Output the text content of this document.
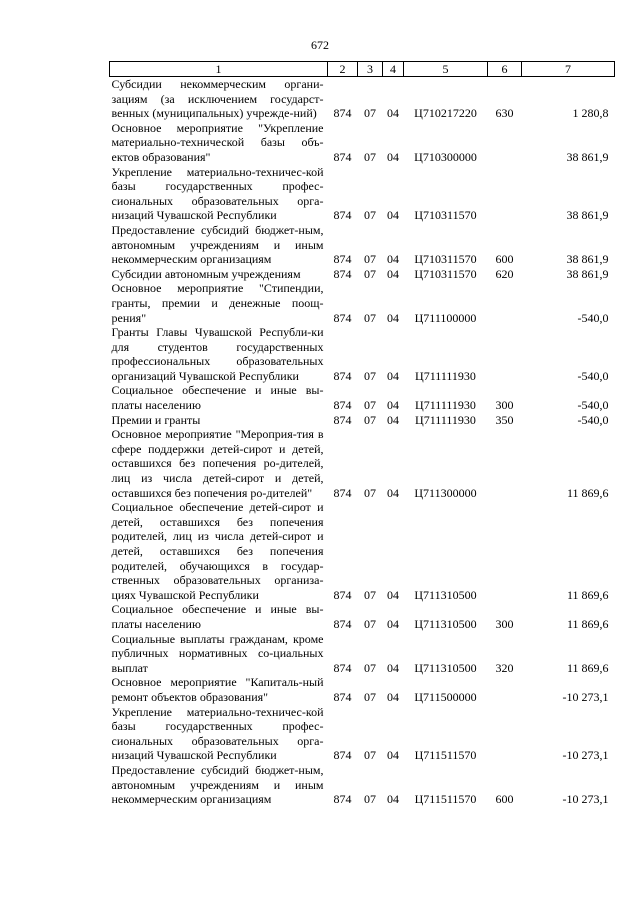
672
1	2	3	4	5	6	7
Субсидии некоммерческим органи-зациям (за исключением государст-венных (муниципальных) учрежде-ний)	874	07	04	Ц710217220	630	1 280,8
Основное мероприятие "Укрепление материально-технической базы объ-ектов образования"	874	07	04	Ц710300000		38 861,9
Укрепление материально-техничес-кой базы государственных профес-сиональных образовательных орга-низаций Чувашской Республики	874	07	04	Ц710311570		38 861,9
Предоставление субсидий бюджет-ным, автономным учреждениям и иным некоммерческим организациям	874	07	04	Ц710311570	600	38 861,9
Субсидии автономным учреждениям	874	07	04	Ц710311570	620	38 861,9
Основное мероприятие "Стипендии, гранты, премии и денежные поощ-рения"	874	07	04	Ц711100000		-540,0
Гранты Главы Чувашской Республи-ки для студентов государственных профессиональных образовательных организаций Чувашской Республики	874	07	04	Ц711111930		-540,0
Социальное обеспечение и иные вы-платы населению	874	07	04	Ц711111930	300	-540,0
Премии и гранты	874	07	04	Ц711111930	350	-540,0
Основное мероприятие "Мероприя-тия в сфере поддержки детей-сирот и детей, оставшихся без попечения ро-дителей, лиц из числа детей-сирот и детей, оставшихся без попечения ро-дителей"	874	07	04	Ц711300000		11 869,6
Социальное обеспечение детей-сирот и детей, оставшихся без попечения родителей, лиц из числа детей-сирот и детей, оставшихся без попечения родителей, обучающихся в государ-ственных образовательных организа-циях Чувашской Республики	874	07	04	Ц711310500		11 869,6
Социальное обеспечение и иные вы-платы населению	874	07	04	Ц711310500	300	11 869,6
Социальные выплаты гражданам, кроме публичных нормативных со-циальных выплат	874	07	04	Ц711310500	320	11 869,6
Основное мероприятие "Капиталь-ный ремонт объектов образования"	874	07	04	Ц711500000		-10 273,1
Укрепление материально-техничес-кой базы государственных профес-сиональных образовательных орга-низаций Чувашской Республики	874	07	04	Ц711511570		-10 273,1
Предоставление субсидий бюджет-ным, автономным учреждениям и иным некоммерческим организациям	874	07	04	Ц711511570	600	-10 273,1
